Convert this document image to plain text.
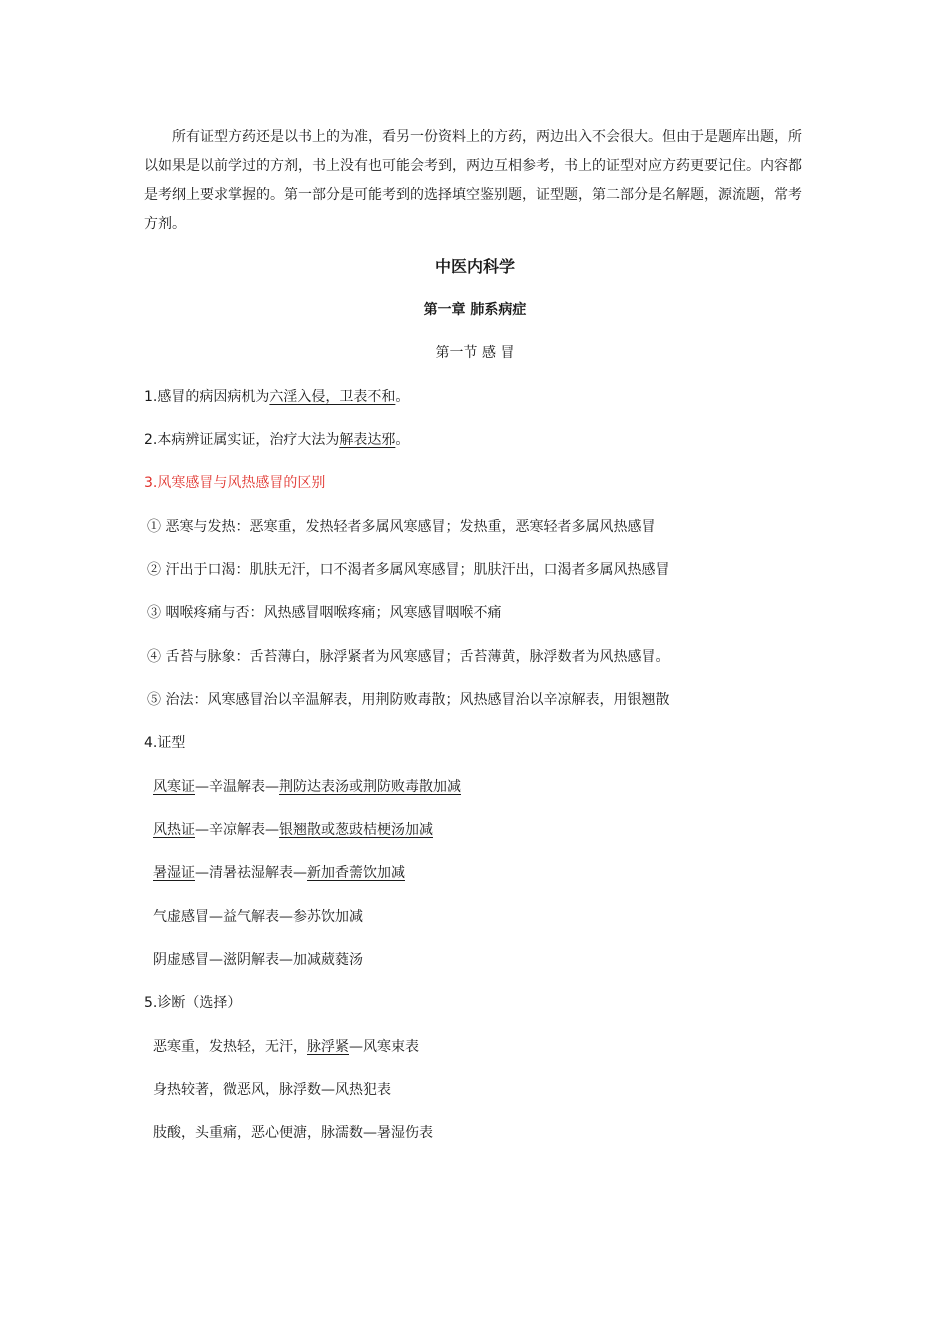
所有证型方药还是以书上的为准，看另一份资料上的方药，两边出入不会很大。但由于是题库出题，所以如果是以前学过的方剂，书上没有也可能会考到，两边互相参考，书上的证型对应方药更要记住。内容都是考纲上要求掌握的。第一部分是可能考到的选择填空鉴别题，证型题，第二部分是名解题，源流题，常考方剂。

中医内科学

第一章 肺系病症

第一节 感 冒

1.感冒的病因病机为六淫入侵，卫表不和。

2.本病辨证属实证，治疗大法为解表达邪。

3.风寒感冒与风热感冒的区别

① 恶寒与发热：恶寒重，发热轻者多属风寒感冒；发热重，恶寒轻者多属风热感冒

② 汗出于口渴：肌肤无汗，口不渴者多属风寒感冒；肌肤汗出，口渴者多属风热感冒

③ 咽喉疼痛与否：风热感冒咽喉疼痛；风寒感冒咽喉不痛

④ 舌苔与脉象：舌苔薄白，脉浮紧者为风寒感冒；舌苔薄黄，脉浮数者为风热感冒。

⑤ 治法：风寒感冒治以辛温解表，用荆防败毒散；风热感冒治以辛凉解表，用银翘散

4.证型

风寒证—辛温解表—荆防达表汤或荆防败毒散加减

风热证—辛凉解表—银翘散或葱豉桔梗汤加减

暑湿证—清暑祛湿解表—新加香薷饮加减

气虚感冒—益气解表—参苏饮加减

阴虚感冒—滋阴解表—加减葳蕤汤

5.诊断（选择）

恶寒重，发热轻，无汗，脉浮紧—风寒束表

身热较著，微恶风，脉浮数—风热犯表

肢酸，头重痛，恶心便溏，脉濡数—暑湿伤表
